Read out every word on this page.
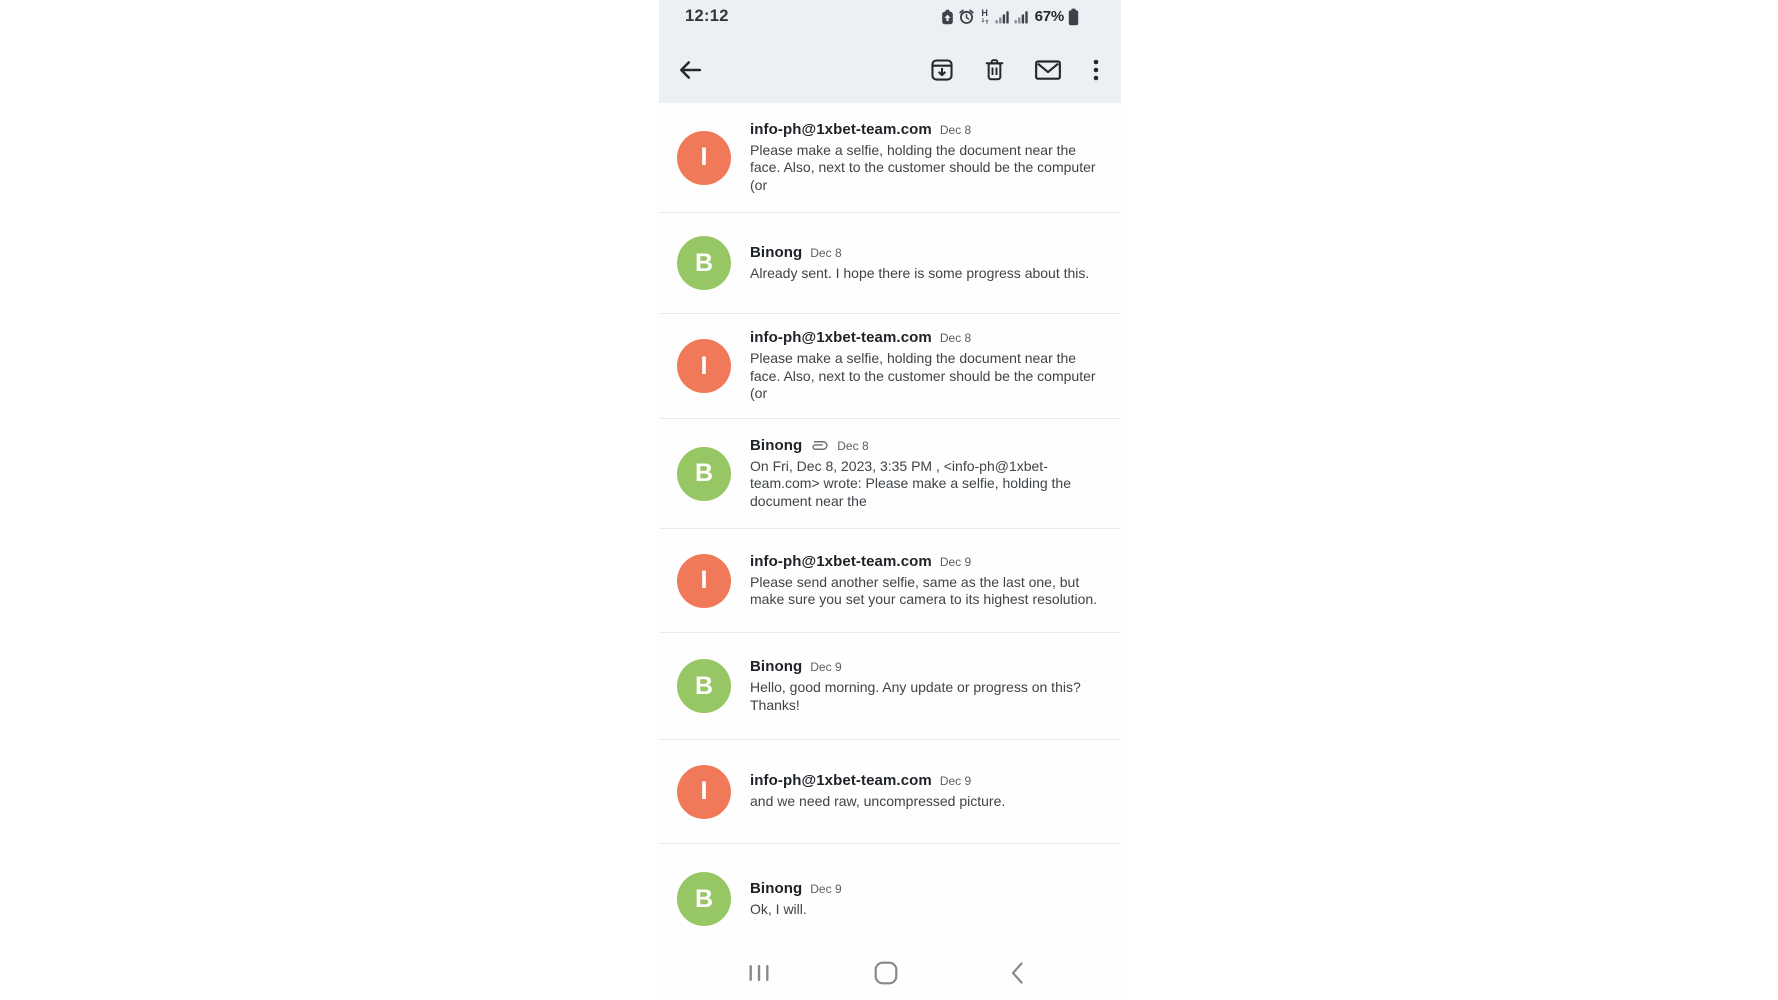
12:12	H	67%
I
info-ph@1xbet-team.com Dec 8
Please make a selfie, holding the document near the face. Also, next to the customer should be the computer (or
B	Binong Dec 8
Already sent. I hope there is some progress about this.
I
info-ph@1xbet-team.com Dec 8
Please make a selfie, holding the document near the face. Also, next to the customer should be the computer (or
B
Binong	Dec 8
On Fri, Dec 8, 2023, 3:35 PM , <info-ph@1xbet-team.com> wrote: Please make a selfie, holding the document near the
I
info-ph@1xbet-team.com Dec 9
Please send another selfie, same as the last one, but make sure you set your camera to its highest resolution.
B
Binong Dec 9
Hello, good morning. Any update or progress on this? Thanks!
I	info-ph@1xbet-team.com Dec 9
and we need raw, uncompressed picture.
B	Binong Dec 9
Ok, I will.
